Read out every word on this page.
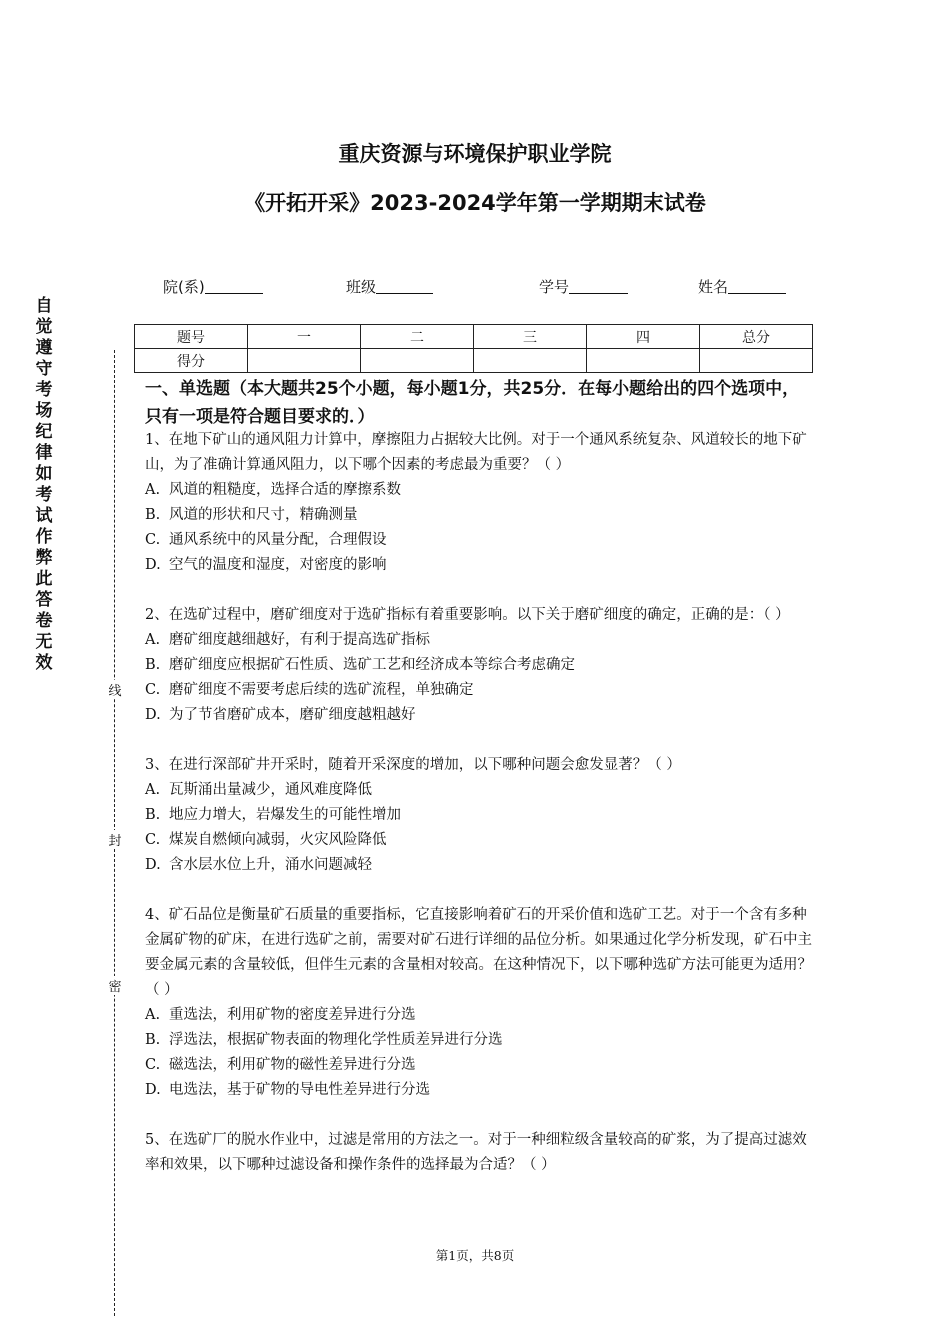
重庆资源与环境保护职业学院
《开拓开采》2023-2024学年第一学期期末试卷
院(系)	班级	学号	姓名
题号	一	二	三	四	总分
得分					
自觉遵守考场纪律如考试作弊此答卷无效
线
封
密
一、单选题（本大题共25个小题，每小题1分，共25分．在每小题给出的四个选项中，只有一项是符合题目要求的．）

1、在地下矿山的通风阻力计算中，摩擦阻力占据较大比例。对于一个通风系统复杂、风道较长的地下矿山，为了准确计算通风阻力，以下哪个因素的考虑最为重要？（ ）

A. 风道的粗糙度，选择合适的摩擦系数
B. 风道的形状和尺寸，精确测量
C. 通风系统中的风量分配，合理假设
D. 空气的温度和湿度，对密度的影响

2、在选矿过程中，磨矿细度对于选矿指标有着重要影响。以下关于磨矿细度的确定，正确的是：（ ）

A. 磨矿细度越细越好，有利于提高选矿指标
B. 磨矿细度应根据矿石性质、选矿工艺和经济成本等综合考虑确定
C. 磨矿细度不需要考虑后续的选矿流程，单独确定
D. 为了节省磨矿成本，磨矿细度越粗越好

3、在进行深部矿井开采时，随着开采深度的增加，以下哪种问题会愈发显著？（ ）

A. 瓦斯涌出量减少，通风难度降低
B. 地应力增大，岩爆发生的可能性增加
C. 煤炭自燃倾向减弱，火灾风险降低
D. 含水层水位上升，涌水问题减轻

4、矿石品位是衡量矿石质量的重要指标，它直接影响着矿石的开采价值和选矿工艺。对于一个含有多种金属矿物的矿床，在进行选矿之前，需要对矿石进行详细的品位分析。如果通过化学分析发现，矿石中主要金属元素的含量较低，但伴生元素的含量相对较高。在这种情况下，以下哪种选矿方法可能更为适用？（ ）

A. 重选法，利用矿物的密度差异进行分选
B. 浮选法，根据矿物表面的物理化学性质差异进行分选
C. 磁选法，利用矿物的磁性差异进行分选
D. 电选法，基于矿物的导电性差异进行分选

5、在选矿厂的脱水作业中，过滤是常用的方法之一。对于一种细粒级含量较高的矿浆，为了提高过滤效率和效果，以下哪种过滤设备和操作条件的选择最为合适？（ ）

第1页，共8页
